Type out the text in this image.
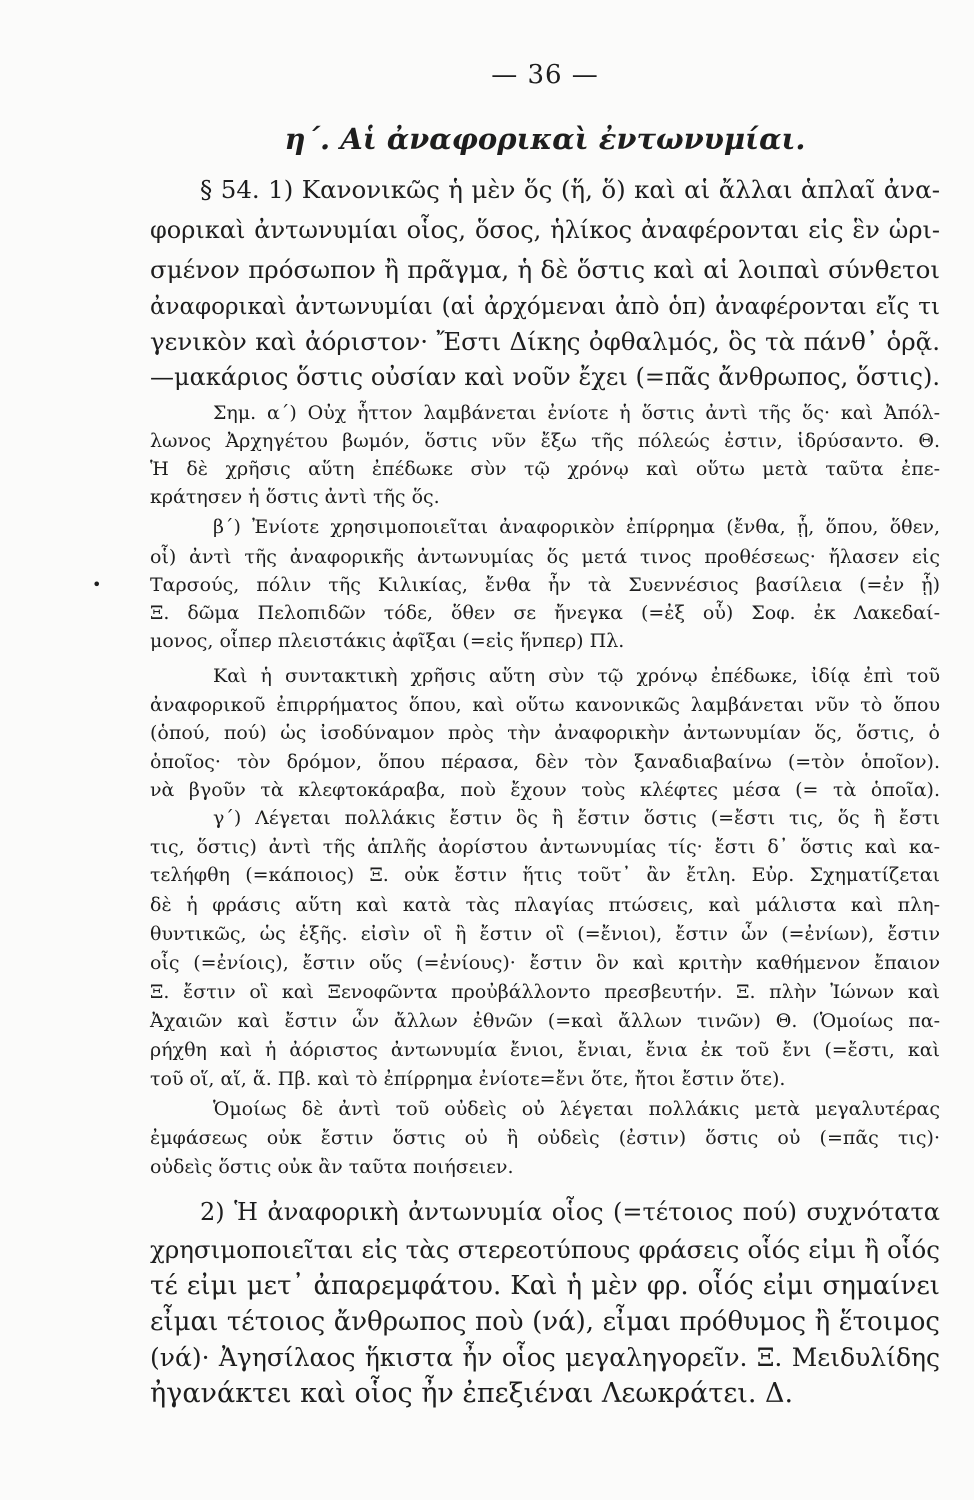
— 36 —
η΄. Αἱ ἀναφορικαὶ ἐντωνυμίαι.
•
§ 54. 1) Κανονικῶς ἡ μὲν ὅς (ἥ, ὅ) καὶ αἱ ἄλλαι ἁπλαῖ ἀνα-
φορικαὶ ἀντωνυμίαι οἷος, ὅσος, ἡλίκος ἀναφέρονται εἰς ἓν ὡρι-
σμένον πρόσωπον ἢ πρᾶγμα, ἡ δὲ ὅστις καὶ αἱ λοιπαὶ σύνθετοι
ἀναφορικαὶ ἀντωνυμίαι (αἱ ἀρχόμεναι ἀπὸ ὁπ) ἀναφέρονται εἴς τι
γενικὸν καὶ ἀόριστον· Ἔστι Δίκης ὀφθαλμός, ὃς τὰ πάνθ᾽ ὁρᾷ.
—μακάριος ὅστις οὐσίαν καὶ νοῦν ἔχει (=πᾶς ἄνθρωπος, ὅστις).
Σημ. α΄) Οὐχ ἧττον λαμβάνεται ἐνίοτε ἡ ὅστις ἀντὶ τῆς ὅς· καὶ Ἀπόλ-
λωνος Ἀρχηγέτου βωμόν, ὅστις νῦν ἔξω τῆς πόλεώς ἐστιν, ἱδρύσαντο. Θ.
Ἡ δὲ χρῆσις αὕτη ἐπέδωκε σὺν τῷ χρόνῳ καὶ οὕτω μετὰ ταῦτα ἐπε-
κράτησεν ἡ ὅστις ἀντὶ τῆς ὅς.
β΄) Ἐνίοτε χρησιμοποιεῖται ἀναφορικὸν ἐπίρρημα (ἔνθα, ᾗ, ὅπου, ὅθεν,
οἷ) ἀντὶ τῆς ἀναφορικῆς ἀντωνυμίας ὅς μετά τινος προθέσεως· ἤλασεν εἰς
Ταρσούς, πόλιν τῆς Κιλικίας, ἔνθα ἦν τὰ Συεννέσιος βασίλεια (=ἐν ᾗ)
Ξ. δῶμα Πελοπιδῶν τόδε, ὅθεν σε ἤνεγκα (=ἐξ οὗ) Σοφ. ἐκ Λακεδαί-
μονος, οἷπερ πλειστάκις ἀφῖξαι (=εἰς ἥνπερ) Πλ.
Καὶ ἡ συντακτικὴ χρῆσις αὕτη σὺν τῷ χρόνῳ ἐπέδωκε, ἰδίᾳ ἐπὶ τοῦ
ἀναφορικοῦ ἐπιρρήματος ὅπου, καὶ οὕτω κανονικῶς λαμβάνεται νῦν τὸ ὅπου
(ὁπού, πού) ὡς ἰσοδύναμον πρὸς τὴν ἀναφορικὴν ἀντωνυμίαν ὅς, ὅστις, ὁ
ὁποῖος· τὸν δρόμον, ὅπου πέρασα, δὲν τὸν ξαναδιαβαίνω (=τὸν ὁποῖον).
νὰ βγοῦν τὰ κλεφτοκάραβα, ποὺ ἔχουν τοὺς κλέφτες μέσα (= τὰ ὁποῖα).
γ΄) Λέγεται πολλάκις ἔστιν ὃς ἢ ἔστιν ὅστις (=ἔστι τις, ὅς ἢ ἔστι
τις, ὅστις) ἀντὶ τῆς ἁπλῆς ἀορίστου ἀντωνυμίας τίς· ἔστι δ᾽ ὅστις καὶ κα-
τελήφθη (=κάποιος) Ξ. οὐκ ἔστιν ἥτις τοῦτ᾽ ἂν ἔτλη. Εὐρ. Σχηματίζεται
δὲ ἡ φράσις αὕτη καὶ κατὰ τὰς πλαγίας πτώσεις, καὶ μάλιστα καὶ πλη-
θυντικῶς, ὡς ἑξῆς. εἰσὶν οἳ ἢ ἔστιν οἳ (=ἔνιοι), ἔστιν ὧν (=ἐνίων), ἔστιν
οἷς (=ἐνίοις), ἔστιν οὕς (=ἐνίους)· ἔστιν ὃν καὶ κριτὴν καθήμενον ἔπαιον
Ξ. ἔστιν οἳ καὶ Ξενοφῶντα προὐβάλλοντο πρεσβευτήν. Ξ. πλὴν Ἰώνων καὶ
Ἀχαιῶν καὶ ἔστιν ὧν ἄλλων ἐθνῶν (=καὶ ἄλλων τινῶν) Θ. (Ὁμοίως πα-
ρήχθη καὶ ἡ ἀόριστος ἀντωνυμία ἔνιοι, ἔνιαι, ἔνια ἐκ τοῦ ἔνι (=ἔστι, καὶ
τοῦ οἵ, αἵ, ἅ. Πβ. καὶ τὸ ἐπίρρημα ἐνίοτε=ἔνι ὅτε, ἤτοι ἔστιν ὅτε).
Ὁμοίως δὲ ἀντὶ τοῦ οὐδεὶς οὐ λέγεται πολλάκις μετὰ μεγαλυτέρας
ἐμφάσεως οὐκ ἔστιν ὅστις οὐ ἢ οὐδεὶς (ἐστιν) ὅστις οὐ (=πᾶς τις)·
οὐδεὶς ὅστις οὐκ ἂν ταῦτα ποιήσειεν.
2) Ἡ ἀναφορικὴ ἀντωνυμία οἷος (=τέτοιος πού) συχνότατα
χρησιμοποιεῖται εἰς τὰς στερεοτύπους φράσεις οἷός εἰμι ἢ οἷός
τέ εἰμι μετ᾽ ἀπαρεμφάτου. Καὶ ἡ μὲν φρ. οἷός εἰμι σημαίνει
εἶμαι τέτοιος ἄνθρωπος ποὺ (νά), εἶμαι πρόθυμος ἢ ἕτοιμος
(νά)· Ἀγησίλαος ἥκιστα ἦν οἷος μεγαληγορεῖν. Ξ. Μειδυλίδης
ἠγανάκτει καὶ οἷος ἦν ἐπεξιέναι Λεωκράτει. Δ.
